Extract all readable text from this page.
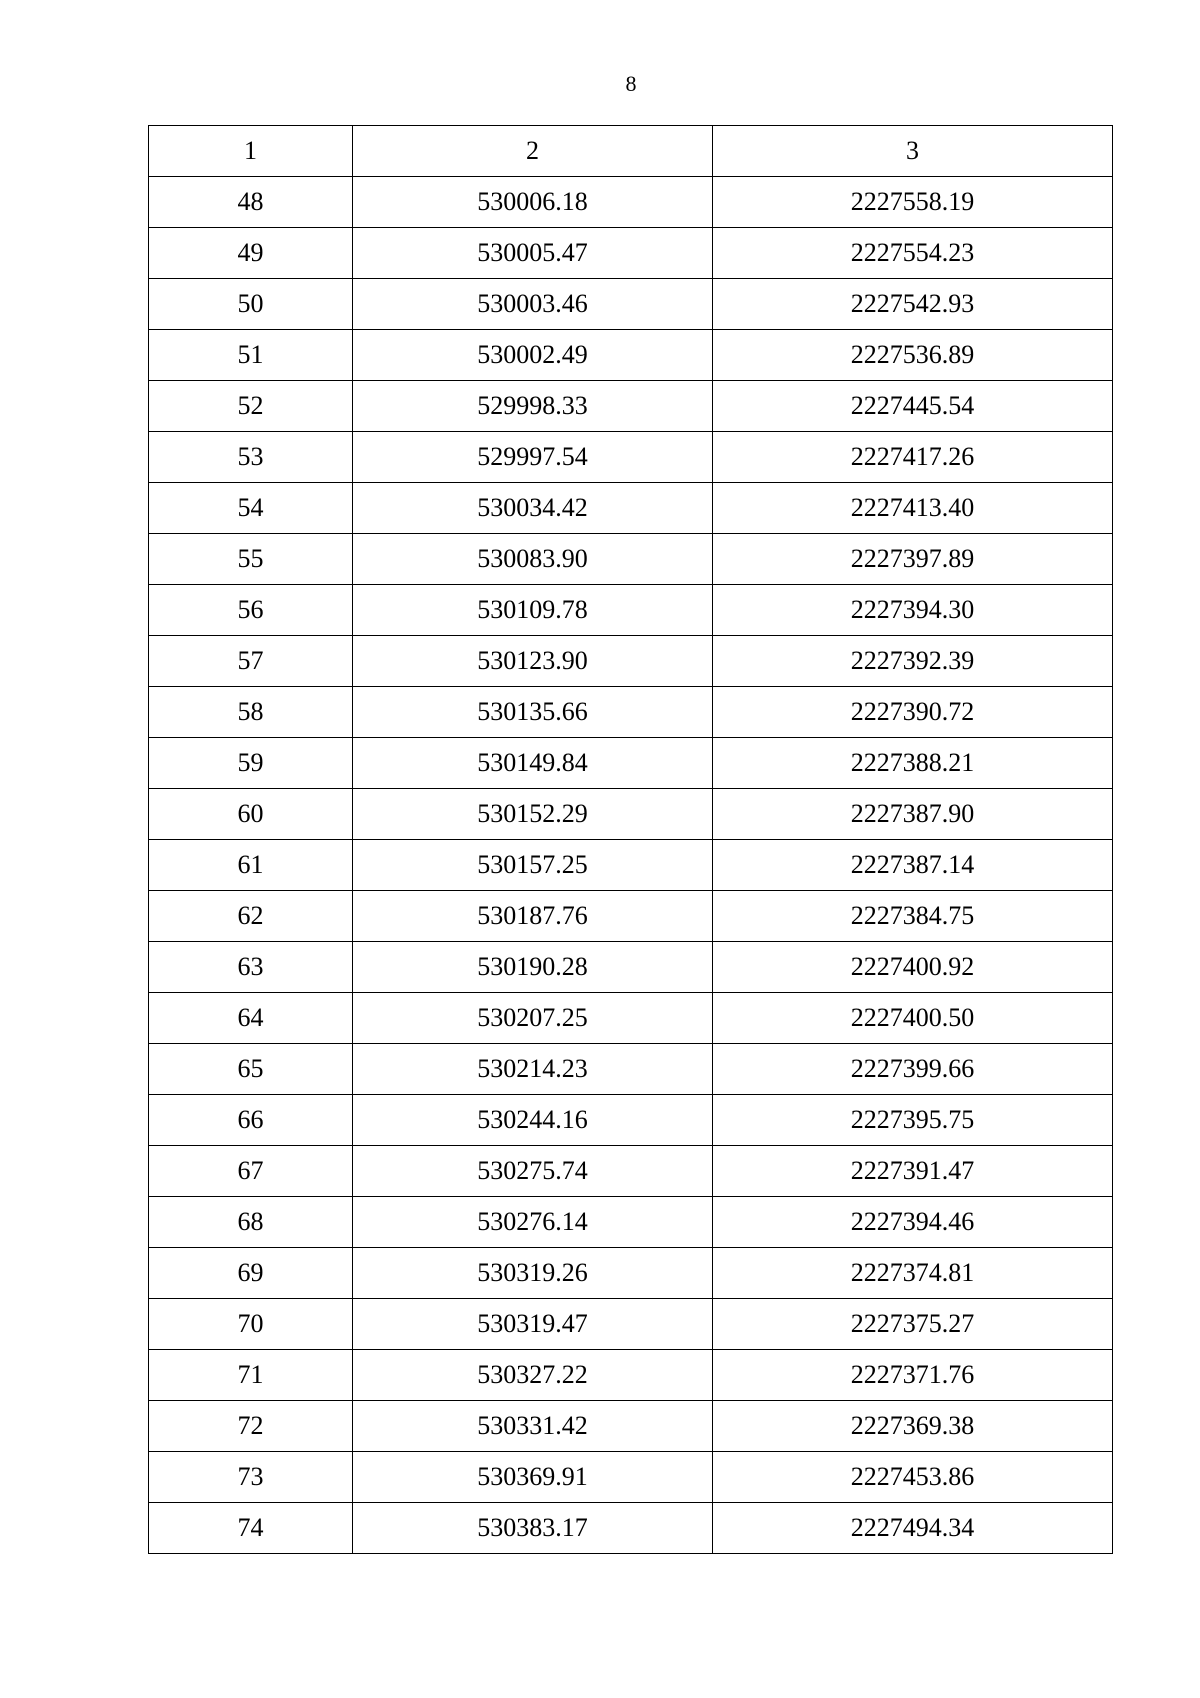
8
1	2	3
48	530006.18	2227558.19
49	530005.47	2227554.23
50	530003.46	2227542.93
51	530002.49	2227536.89
52	529998.33	2227445.54
53	529997.54	2227417.26
54	530034.42	2227413.40
55	530083.90	2227397.89
56	530109.78	2227394.30
57	530123.90	2227392.39
58	530135.66	2227390.72
59	530149.84	2227388.21
60	530152.29	2227387.90
61	530157.25	2227387.14
62	530187.76	2227384.75
63	530190.28	2227400.92
64	530207.25	2227400.50
65	530214.23	2227399.66
66	530244.16	2227395.75
67	530275.74	2227391.47
68	530276.14	2227394.46
69	530319.26	2227374.81
70	530319.47	2227375.27
71	530327.22	2227371.76
72	530331.42	2227369.38
73	530369.91	2227453.86
74	530383.17	2227494.34
